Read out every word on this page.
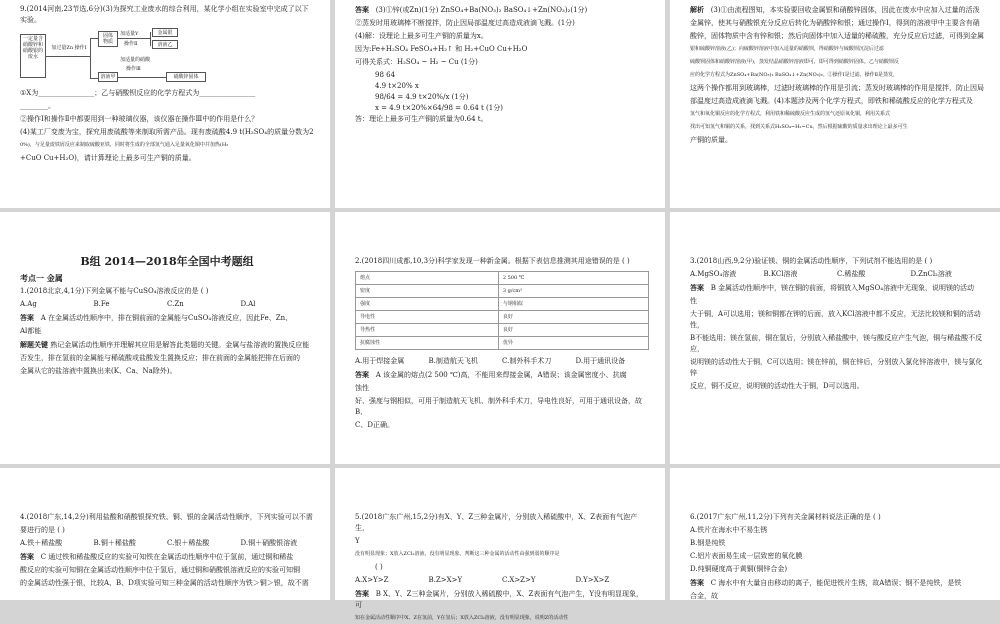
9.(2014河南,23节选,6分)(3)为探究工业废水的综合利用，某化学小组在实验室中完成了以下实验。

一定量含硝酸锌和硝酸银的废水
加过量Zn 操作Ⅰ
固体 物质
溶液甲
加适量Y
操作Ⅱ
金属银
溶液乙
加适量的硝酸
操作Ⅲ
硝酸锌固体

①X为________________；乙与硝酸钡反应的化学方程式为________________

________。

②操作Ⅰ和操作Ⅱ中都要用到一种玻璃仪器，该仪器在操作Ⅲ中的作用是什么？

(4)某工厂变废为宝，探究用废硫酸等来制取所需产品。现有废硫酸4.9 t(H₂SO₄的质量分数为2

0%)，与足量废铁屑反应来制取硫酸亚铁，同时将生成的全部氢气通入足量氧化铜中并加热(H₂

+CuO Cu+H₂O)，请计算理论上最多可生产铜的质量。

答案 (3)①锌(或Zn)(1分) ZnSO₄+Ba(NO₃)₂ BaSO₄↓+Zn(NO₃)₂(1分)

②蒸发时用玻璃棒不断搅拌，防止因局部温度过高造成液滴飞溅。(1分)

(4)解：设理论上最多可生产铜的质量为x。

因为:Fe+H₂SO₄ FeSO₄+H₂↑ 和 H₂+CuO Cu+H₂O

可得关系式：H₂SO₄ ~ H₂ ~ Cu (1分)

98 64

4.9 t×20% x

98/64 = 4.9 t×20%/x (1分)

x = 4.9 t×20%×64/98 = 0.64 t (1分)

答：理论上最多可生产铜的质量为0.64 t。

解析 (3)①由流程图知，本实验要回收金属银和硝酸锌固体，因此在废水中应加入过量的活泼

金属锌，使其与硝酸银充分反应后转化为硝酸锌和银；通过操作Ⅰ，得到的溶液甲中主要含有硝

酸锌，固体物质中含有锌和银；然后向固体中加入适量的稀硫酸，充分反应后过滤，可得到金属

银和硫酸锌溶液(乙)；向硫酸锌溶液中加入适量的硝酸钡，得硝酸锌与硫酸钡沉淀后过滤

硫酸钡固体和硝酸锌溶液(甲)，蒸发结晶硝酸锌溶液即可，即可得到硝酸锌固体。乙与硝酸钡反

应的化学方程式为ZnSO₄+Ba(NO₃)₂ BaSO₄↓+Zn(NO₃)₂。②操作Ⅰ是过滤，操作Ⅱ是蒸发，

这两个操作都用到玻璃棒，过滤时玻璃棒的作用是引流；蒸发时玻璃棒的作用是搅拌，防止因局

部温度过高造成液滴飞溅。(4)本题涉及两个化学方程式，即铁和稀硫酸反应的化学方程式及

氢气和氧化铜反应的化学方程式，利用铁和稀硫酸反应生成的氢气还原氧化铜，利用关系式

找出可知氢气和铜的关系，找到关系式H₂SO₄~H₂~Cu，然后根据硫酸的质量求出理论上最多可生

产铜的质量。

B组 2014—2018年全国中考题组
考点一 金属

1.(2018北京,4,1分)下列金属不能与CuSO₄溶液反应的是 ( )

A.Ag	B.Fe	C.Zn	D.Al

答案 A 在金属活动性顺序中，排在铜前面的金属能与CuSO₄溶液反应，因此Fe、Zn、

Al都能

解题关键 熟记金属活动性顺序并理解其应用是解答此类题的关键。金属与盐溶液的置换反应能

否发生，排在氢前的金属能与稀硫酸或盐酸发生置换反应；排在前面的金属能把排在后面的

金属从它的盐溶液中置换出来(K、Ca、Na除外)。

2.(2018四川成都,10,3分)科学家发现一种新金属。根据下表信息推测其用途错误的是 ( )

熔点	2 500 ℃
密度	3 g/cm³
强度	与钢相似
导电性	良好
导热性	良好
抗腐蚀性	优异
A.用于焊接金属	B.制造航天飞机	C.制外科手术刀	D.用于通讯设备

答案 A 该金属的熔点(2 500 ℃)高，不能用来焊接金属，A错误；该金属密度小、抗腐

蚀性

好、强度与钢相似，可用于制造航天飞机、制外科手术刀，导电性良好，可用于通讯设备，故B、

C、D正确。

3.(2018山西,9,2分)验证镁、铜的金属活动性顺序，下列试剂不能选用的是 ( )

A.MgSO₄溶液	B.KCl溶液	C.稀盐酸	D.ZnCl₂溶液

答案 B 金属活动性顺序中，镁在铜的前面，将铜放入MgSO₄溶液中无现象，说明镁的活动

性

大于铜，A可以选用；镁和铜都在钾的后面，放入KCl溶液中都不反应，无法比较镁和铜的活动性，

B不能选用；镁在氢前，铜在氢后，分别放入稀盐酸中，镁与酸反应产生气泡，铜与稀盐酸不反应，

说明镁的活动性大于铜，C可以选用；镁在锌前，铜在锌后，分别放入氯化锌溶液中，镁与氯化锌

反应，铜不反应，说明镁的活动性大于铜，D可以选用。

4.(2018广东,14,2分)利用盐酸和硝酸银探究铁、铜、银的金属活动性顺序，下列实验可以不需

要进行的是 ( )

A.铁＋稀盐酸	B.铜＋稀盐酸	C.银＋稀盐酸	D.铜＋硝酸银溶液

答案 C 通过铁和稀盐酸反应的实验可知铁在金属活动性顺序中位于氢前，通过铜和稀盐

酸反应的实验可知铜在金属活动性顺序中位于氢后，通过铜和硝酸银溶液反应的实验可知铜

的金属活动性强于银，比较A、B、D项实验可知三种金属的活动性顺序为铁＞铜＞银，故不需

5.(2018广东广州,15,2分)有X、Y、Z三种金属片，分别放入稀硫酸中，X、Z表面有气泡产生，

Y

没有明显现象；X放入ZCl₂溶液，没有明显现象。判断这三种金属的活动性由强到弱的顺序是

( )

A.X>Y>Z	B.Z>X>Y	C.X>Z>Y	D.Y>X>Z

答案 B X、Y、Z三种金属片，分别放入稀硫酸中，X、Z表面有气泡产生，Y没有明显现象，可

知在金属活动性顺序中X、Z在氢前，Y在氢后；X放入ZCl₂溶液，没有明显现象，说明Z的活动性

6.(2017广东广州,11,2分)下列有关金属材料说法正确的是 ( )

A.铁片在海水中不易生锈

B.钢是纯铁

C.铝片表面易生成一层致密的氧化膜

D.纯铜硬度高于黄铜(铜锌合金)

答案 C 海水中有大量自由移动的离子，能促进铁片生锈，故A错误；钢不是纯铁，是铁

合金，故
